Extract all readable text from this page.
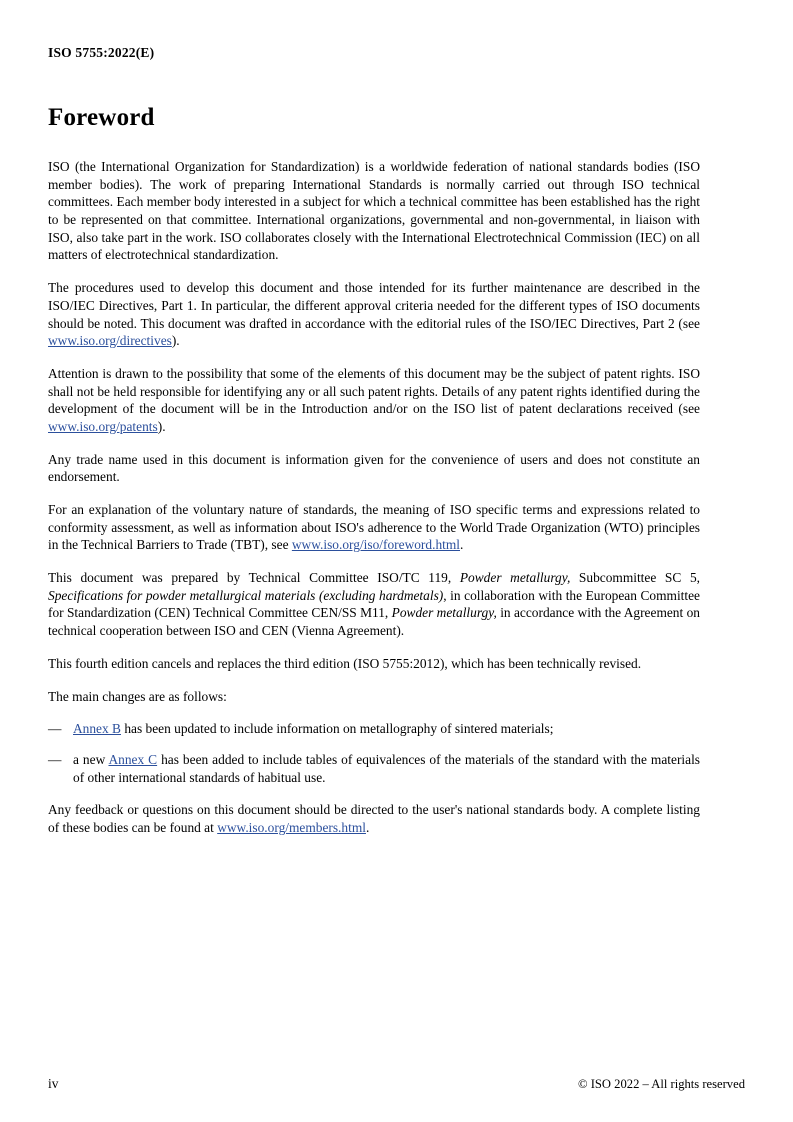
ISO 5755:2022(E)
Foreword

ISO (the International Organization for Standardization) is a worldwide federation of national standards bodies (ISO member bodies). The work of preparing International Standards is normally carried out through ISO technical committees. Each member body interested in a subject for which a technical committee has been established has the right to be represented on that committee. International organizations, governmental and non-governmental, in liaison with ISO, also take part in the work. ISO collaborates closely with the International Electrotechnical Commission (IEC) on all matters of electrotechnical standardization.

The procedures used to develop this document and those intended for its further maintenance are described in the ISO/IEC Directives, Part 1. In particular, the different approval criteria needed for the different types of ISO documents should be noted. This document was drafted in accordance with the editorial rules of the ISO/IEC Directives, Part 2 (see www.iso.org/directives).

Attention is drawn to the possibility that some of the elements of this document may be the subject of patent rights. ISO shall not be held responsible for identifying any or all such patent rights. Details of any patent rights identified during the development of the document will be in the Introduction and/or on the ISO list of patent declarations received (see www.iso.org/patents).

Any trade name used in this document is information given for the convenience of users and does not constitute an endorsement.

For an explanation of the voluntary nature of standards, the meaning of ISO specific terms and expressions related to conformity assessment, as well as information about ISO's adherence to the World Trade Organization (WTO) principles in the Technical Barriers to Trade (TBT), see www.iso.org/iso/foreword.html.

This document was prepared by Technical Committee ISO/TC 119, Powder metallurgy, Subcommittee SC 5, Specifications for powder metallurgical materials (excluding hardmetals), in collaboration with the European Committee for Standardization (CEN) Technical Committee CEN/SS M11, Powder metallurgy, in accordance with the Agreement on technical cooperation between ISO and CEN (Vienna Agreement).

This fourth edition cancels and replaces the third edition (ISO 5755:2012), which has been technically revised.

The main changes are as follows:

— Annex B has been updated to include information on metallography of sintered materials;
— a new Annex C has been added to include tables of equivalences of the materials of the standard with the materials of other international standards of habitual use.

Any feedback or questions on this document should be directed to the user's national standards body. A complete listing of these bodies can be found at www.iso.org/members.html.

iv	© ISO 2022 – All rights reserved
